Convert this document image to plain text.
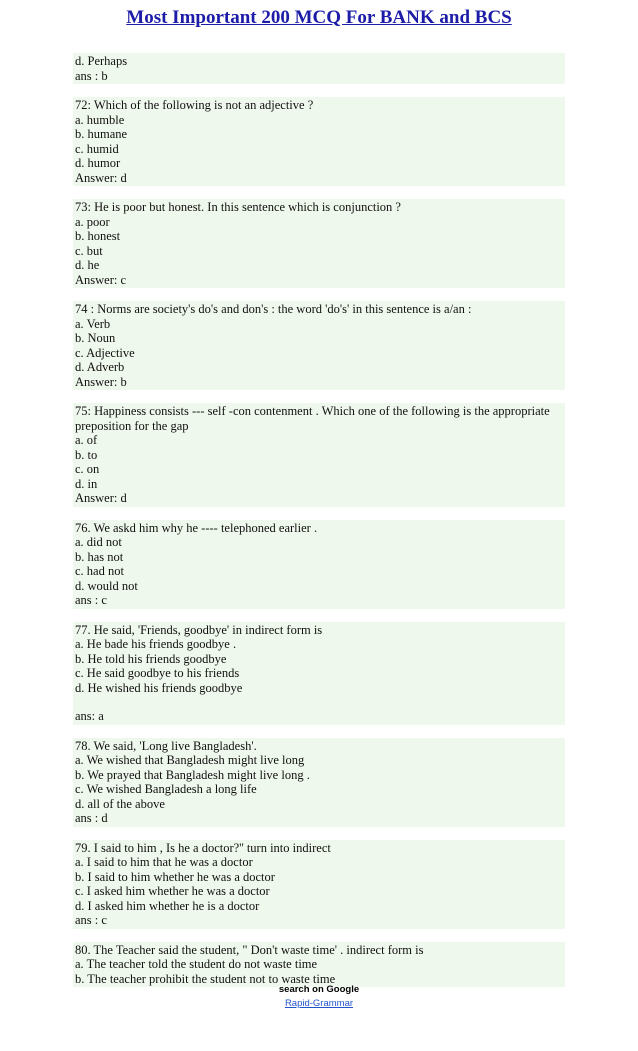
Most Important 200 MCQ For BANK and BCS
d. Perhaps
ans : b
72: Which of the following is not an adjective ?
a. humble
b. humane
c. humid
d. humor
Answer: d
73: He is poor but honest. In this sentence which is conjunction ?
a. poor
b. honest
c. but
d. he
Answer: c
74 : Norms are society's do's and don's : the word 'do's' in this sentence is a/an :
a. Verb
b. Noun
c. Adjective
d. Adverb
Answer: b
75: Happiness consists --- self -con contenment . Which one of the following is the appropriate preposition for the gap
a. of
b. to
c. on
d. in
Answer: d
76. We askd him why he ---- telephoned earlier .
a. did not
b. has not
c. had not
d. would not
ans : c
77. He said, 'Friends, goodbye' in indirect form is
a. He bade his friends goodbye .
b. He told his friends goodbye
c. He said goodbye to his friends
d. He wished his friends goodbye
ans: a
78. We said, 'Long live Bangladesh'.
a. We wished that Bangladesh might live long
b. We prayed that Bangladesh might live long .
c. We wished Bangladesh a long life
d. all of the above
ans : d
79. I said to him , Is he a doctor?'' turn into indirect
a. I said to him that he was a doctor
b. I said to him whether he was a doctor
c. I asked him whether he was a doctor
d. I asked him whether he is a doctor
ans : c
80. The Teacher said the student, " Don't waste time' . indirect form is
a. The teacher told the student do not waste time
b. The teacher prohibit the student not to waste time
search on Google
Rapid-Grammar
